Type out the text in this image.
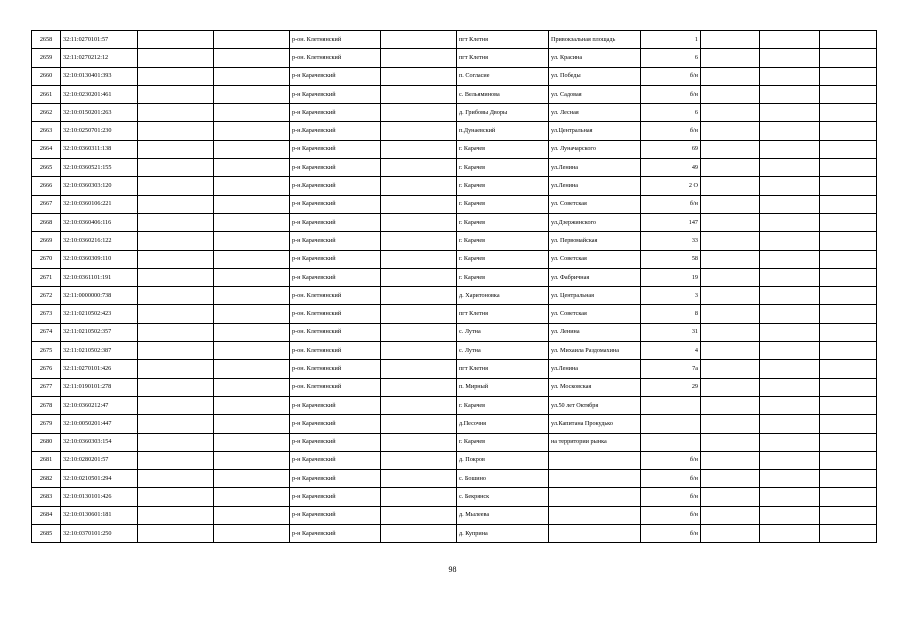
2658	32:11:0270101:57			р-он. Клетнянский		пгт Клетня	Привокзальная площадь	1			
2659	32:11:0270212:12			р-он. Клетнянский		пгт Клетня	ул. Красина	6			
2660	32:10:0130401:393			р-н Карачевский		п. Согласие	ул. Победы	б/н			
2661	32:10:0230201:461			р-н Карачевский		с. Вельяминова	ул. Садовая	б/н			
2662	32:10:0150201:263			р-н Карачевский		д. Грибовы Дворы	ул. Лесная	6			
2663	32:10:0250701:230			р-н.Карачевский		п.Дунаевский	ул.Центральная	б/н			
2664	32:10:0360311:138			р-н Карачевский		г. Карачев	ул. Луначарского	69			
2665	32:10:0360521:155			р-н Карачевский		г. Карачев	ул.Ленина	49			
2666	32:10:0360303:120			р-н.Карачевский		г. Карачев	ул.Ленина	2 О			
2667	32:10:0360106:221			р-н Карачевский		г. Карачев	ул. Советская	б/н			
2668	32:10:0360406:116			р-н Карачевский		г. Карачев	ул.Дзержинского	147			
2669	32:10:0360216:122			р-н Карачевский		г. Карачев	ул. Первомайская	33			
2670	32:10:0360309:110			р-н Карачевский		г. Карачев	ул. Советская	58			
2671	32:10:0361101:191			р-н Карачевский		г. Карачев	ул. Фабричная	19			
2672	32:11:0000000:738			р-он. Клетнянский		д. Харитоновка	ул. Центральная	3			
2673	32:11:0210502:423			р-он. Клетнянский		пгт Клетня	ул. Советская	8			
2674	32:11:0210502:357			р-он. Клетнянский		с. Лутна	ул. Ленина	31			
2675	32:11:0210502:387			р-он. Клетнянский		с. Лутна	ул. Михаила Раздомахина	4			
2676	32:11:0270101:426			р-он. Клетнянский		пгт Клетня	ул.Ленина	7а			
2677	32:11:0190101:278			р-он. Клетнянский		п. Мирный	ул. Московская	29			
2678	32:10:0360212:47			р-н Карачевский		г. Карачев	ул.50 лет Октября				
2679	32:10:0050201:447			р-н Карачевский		д.Песочня	ул.Капитана Прокудько				
2680	32:10:0360303:154			р-н Карачевский		г. Карачев	на территории рынка				
2681	32:10:0280201:57			р-н Карачевский		д. Покров		б/н			
2682	32:10:0210501:294			р-н Карачевский		с. Бошино		б/н			
2683	32:10:0130101:426			р-н Карачевский		с. Бекрянск		б/н			
2684	32:10:0130601:181			р-н Карачевский		д. Мылеева		б/н			
2685	32:10:0370101:250			р-н Карачевский		д. Куприна		б/н			
98
